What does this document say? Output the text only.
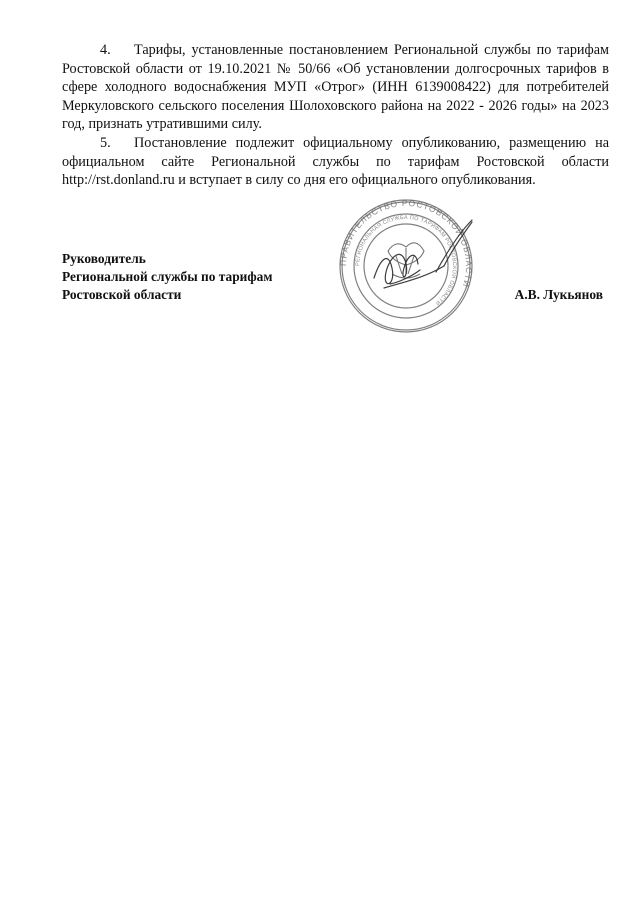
4. Тарифы, установленные постановлением Региональной службы по тарифам Ростовской области от 19.10.2021 № 50/66 «Об установлении долгосрочных тарифов в сфере холодного водоснабжения МУП «Отрог» (ИНН 6139008422) для потребителей Меркуловского сельского поселения Шолоховского района на 2022 - 2026 годы» на 2023 год, признать утратившими силу.

5. Постановление подлежит официальному опубликованию, размещению на официальном сайте Региональной службы по тарифам Ростовской области http://rst.donland.ru и вступает в силу со дня его официального опубликования.

ПРАВИТЕЛЬСТВО РОСТОВСКОЙ ОБЛАСТИ
РЕГИОНАЛЬНАЯ СЛУЖБА ПО ТАРИФАМ РОСТОВСКОЙ ОБЛАСТИ
Руководитель
Региональной службы по тарифам
Ростовской области	А.В. Лукьянов
